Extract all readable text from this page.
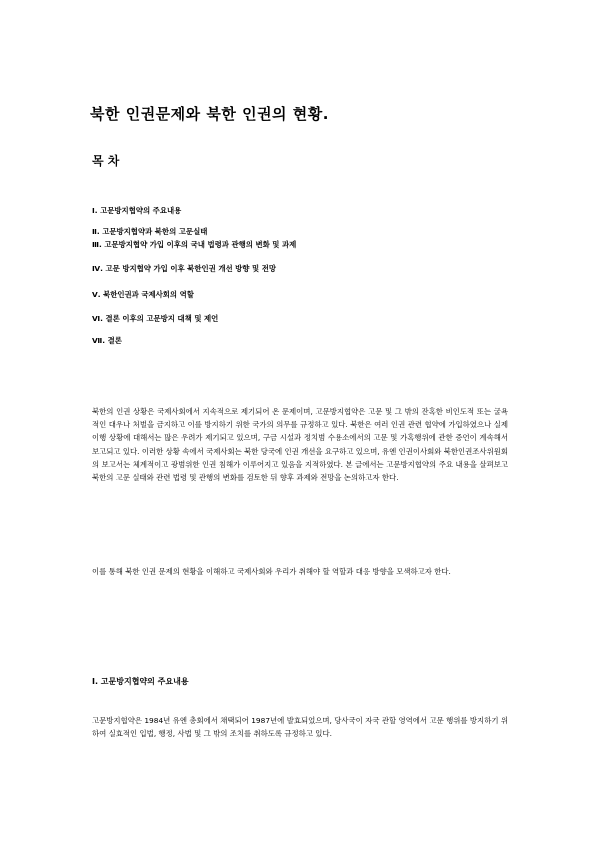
북한 인권문제와 북한 인권의 현황.
목 차
Ⅰ. 고문방지협약의 주요내용
Ⅱ. 고문방지협약과 북한의 고문실태
Ⅲ. 고문방지협약 가입 이후의 국내 법령과 관행의 변화 및 과제
Ⅳ. 고문 방지협약 가입 이후 북한인권 개선 방향 및 전망
Ⅴ. 북한인권과 국제사회의 역할
Ⅵ. 결론 이후의 고문방지 대책 및 제언
Ⅶ. 결론

북한의 인권 상황은 국제사회에서 지속적으로 제기되어 온 문제이며, 고문방지협약은 고문 및 그 밖의 잔혹한 비인도적 또는 굴욕적인 대우나 처벌을 금지하고 이를 방지하기 위한 국가의 의무를 규정하고 있다. 북한은 여러 인권 관련 협약에 가입하였으나 실제 이행 상황에 대해서는 많은 우려가 제기되고 있으며, 구금 시설과 정치범 수용소에서의 고문 및 가혹행위에 관한 증언이 계속해서 보고되고 있다. 이러한 상황 속에서 국제사회는 북한 당국에 인권 개선을 요구하고 있으며, 유엔 인권이사회와 북한인권조사위원회의 보고서는 체계적이고 광범위한 인권 침해가 이루어지고 있음을 지적하였다. 본 글에서는 고문방지협약의 주요 내용을 살펴보고 북한의 고문 실태와 관련 법령 및 관행의 변화를 검토한 뒤 향후 과제와 전망을 논의하고자 한다.

이를 통해 북한 인권 문제의 현황을 이해하고 국제사회와 우리가 취해야 할 역할과 대응 방향을 모색하고자 한다.

Ⅰ. 고문방지협약의 주요내용

고문방지협약은 1984년 유엔 총회에서 채택되어 1987년에 발효되었으며, 당사국이 자국 관할 영역에서 고문 행위를 방지하기 위하여 실효적인 입법, 행정, 사법 및 그 밖의 조치를 취하도록 규정하고 있다.
